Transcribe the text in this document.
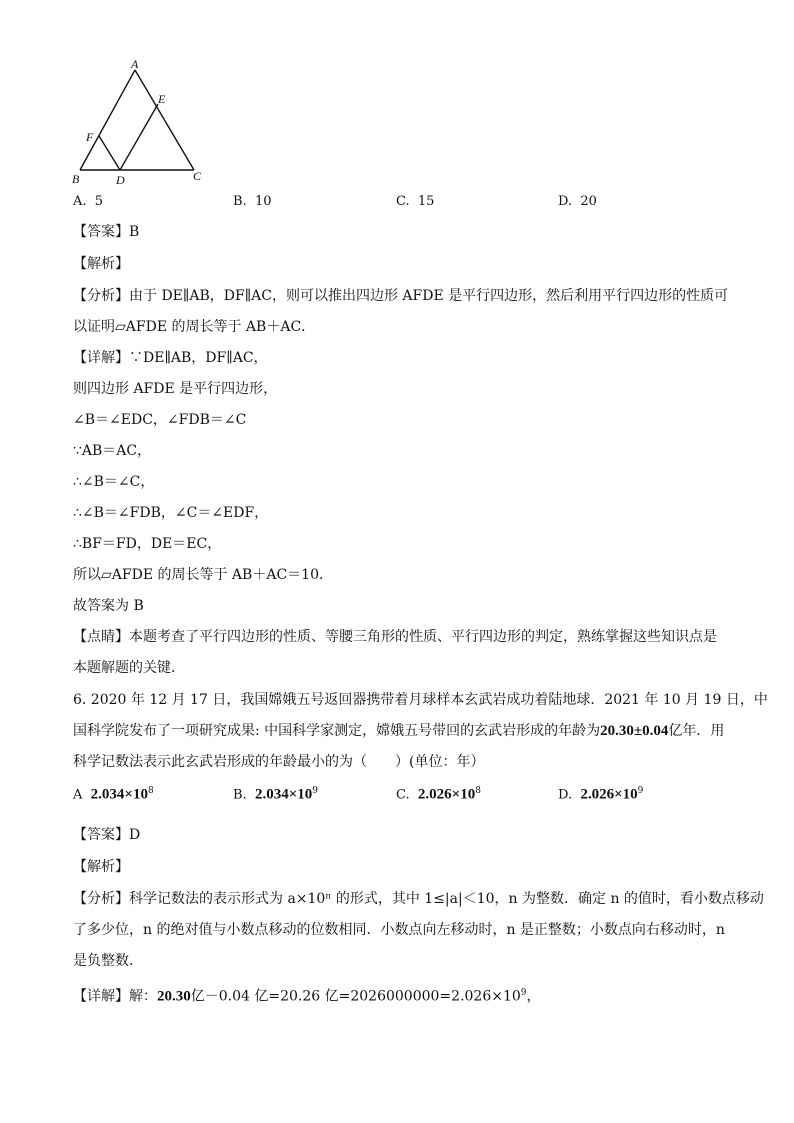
A
E
F
B	D	C
A. 5	B. 10	C. 15	D. 20
【答案】B
【解析】
【分析】由于 DE∥AB，DF∥AC，则可以推出四边形 AFDE 是平行四边形，然后利用平行四边形的性质可
以证明▱AFDE 的周长等于 AB＋AC．
【详解】∵DE∥AB，DF∥AC，
则四边形 AFDE 是平行四边形，
∠B＝∠EDC，∠FDB＝∠C
∵AB＝AC，
∴∠B＝∠C，
∴∠B＝∠FDB，∠C＝∠EDF，
∴BF＝FD，DE＝EC，
所以▱AFDE 的周长等于 AB＋AC＝10．
故答案为 B
【点睛】本题考查了平行四边形的性质、等腰三角形的性质、平行四边形的判定，熟练掌握这些知识点是
本题解题的关键．
6. 2020 年 12 月 17 日，我国嫦娥五号返回器携带着月球样本玄武岩成功着陆地球．2021 年 10 月 19 日，中
国科学院发布了一项研究成果: 中国科学家测定，嫦娥五号带回的玄武岩形成的年龄为20.30±0.04亿年．用
科学记数法表示此玄武岩形成的年龄最小的为（　　）(单位：年）
A $2.034\times 10^8$	B. $2.034\times 10^9$	C. $2.026\times 10^8$	D. $2.026\times 10^9$
【答案】D
【解析】
【分析】科学记数法的表示形式为 a×10ⁿ 的形式，其中 1≤|a|＜10，n 为整数．确定 n 的值时，看小数点移动
了多少位，n 的绝对值与小数点移动的位数相同．小数点向左移动时，n 是正整数；小数点向右移动时，n
是负整数．
【详解】解：20.30亿－0.04 亿=20.26 亿$=2026000000=2.026\times 10^9$，
